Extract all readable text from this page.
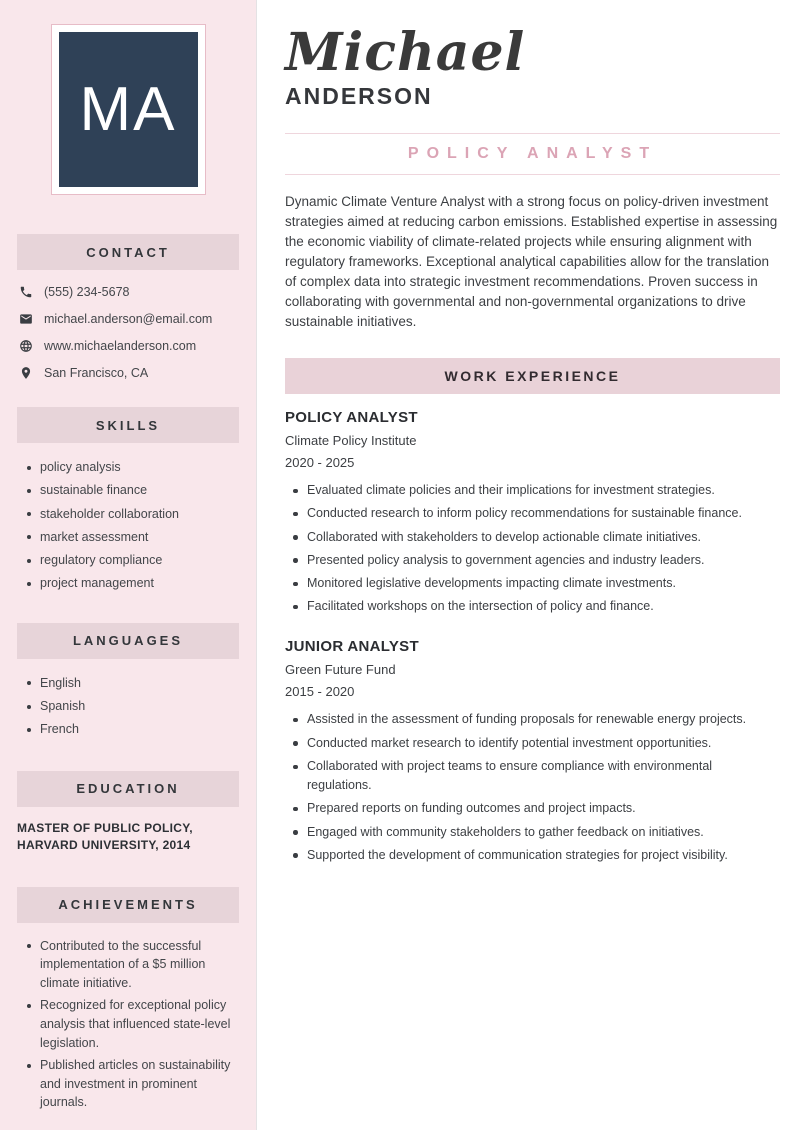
MA
CONTACT
(555) 234-5678
michael.anderson@email.com
www.michaelanderson.com
San Francisco, CA
SKILLS
policy analysis
sustainable finance
stakeholder collaboration
market assessment
regulatory compliance
project management
LANGUAGES
English
Spanish
French
EDUCATION
MASTER OF PUBLIC POLICY, HARVARD UNIVERSITY, 2014
ACHIEVEMENTS
Contributed to the successful implementation of a $5 million climate initiative.
Recognized for exceptional policy analysis that influenced state-level legislation.
Published articles on sustainability and investment in prominent journals.
Michael
ANDERSON
POLICY ANALYST

Dynamic Climate Venture Analyst with a strong focus on policy-driven investment strategies aimed at reducing carbon emissions. Established expertise in assessing the economic viability of climate-related projects while ensuring alignment with regulatory frameworks. Exceptional analytical capabilities allow for the translation of complex data into strategic investment recommendations. Proven success in collaborating with governmental and non-governmental organizations to drive sustainable initiatives.

WORK EXPERIENCE
POLICY ANALYST
Climate Policy Institute
2020 - 2025
Evaluated climate policies and their implications for investment strategies.
Conducted research to inform policy recommendations for sustainable finance.
Collaborated with stakeholders to develop actionable climate initiatives.
Presented policy analysis to government agencies and industry leaders.
Monitored legislative developments impacting climate investments.
Facilitated workshops on the intersection of policy and finance.
JUNIOR ANALYST
Green Future Fund
2015 - 2020
Assisted in the assessment of funding proposals for renewable energy projects.
Conducted market research to identify potential investment opportunities.
Collaborated with project teams to ensure compliance with environmental regulations.
Prepared reports on funding outcomes and project impacts.
Engaged with community stakeholders to gather feedback on initiatives.
Supported the development of communication strategies for project visibility.
